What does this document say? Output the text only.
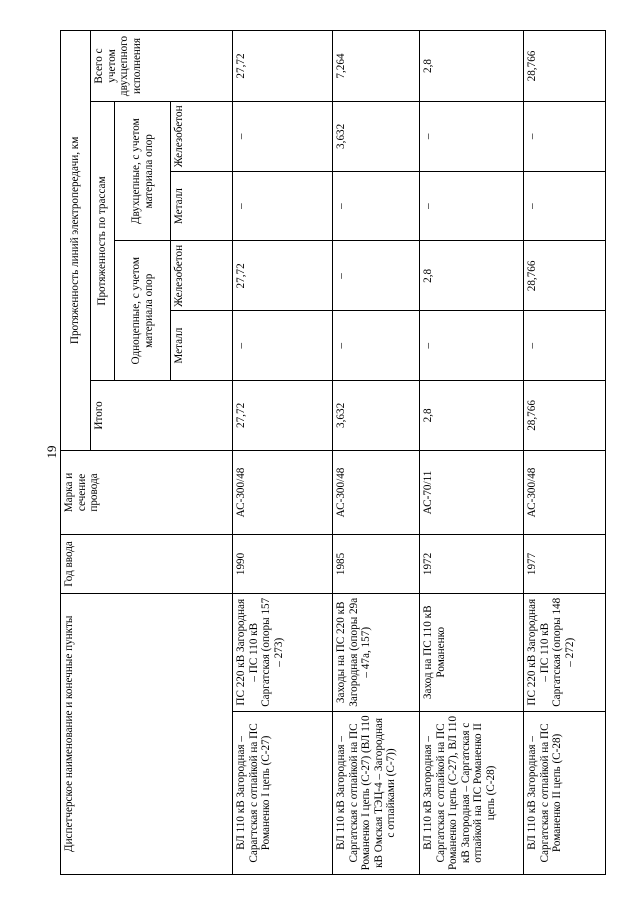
19
Диспетчерское наименование и конечные пункты		Год ввода	Марка и сечение провода	Протяженность линий электропередачи, км					
				Итого	Протяженность по трассам				Всего с учетом двухцепного исполнения
					Одноцепные, с учетом материала опор		Двухцепные, с учетом материала опор		
					Металл	Железобетон	Металл	Железобетон	
ВЛ 110 кВ Загородная – Сарагтская с отпайкой на ПС Романенко I цепь (С-27)	ПС 220 кВ Загородная – ПС 110 кВ Саргатская (опоры 157 – 273)	1990	АС-300/48	27,72	–	27,72	–	–	27,72
ВЛ 110 кВ Загородная – Саргатская с отпайкой на ПС Романенко I цепь (С-27) (ВЛ 110 кВ Омская ТЭЦ-4 – Загородная с отпайками (С-7))	Заходы на ПС 220 кВ Загородная (опоры 29а – 47а, 157)	1985	АС-300/48	3,632	–	–	–	3,632	7,264
ВЛ 110 кВ Загородная – Саргатская с отпайкой на ПС Романенко I цепь (С-27), ВЛ 110 кВ Загородная – Саргатская с отпайкой на ПС Романенко II цепь (С-28)	Заход на ПС 110 кВ Романенко	1972	АС-70/11	2,8	–	2,8	–	–	2,8
ВЛ 110 кВ Загородная – Саргатская с отпайкой на ПС Романенко II цепь (С-28)	ПС 220 кВ Загородная – ПС 110 кВ Саргатская (опоры 148 – 272)	1977	АС-300/48	28,766	–	28,766	–	–	28,766
